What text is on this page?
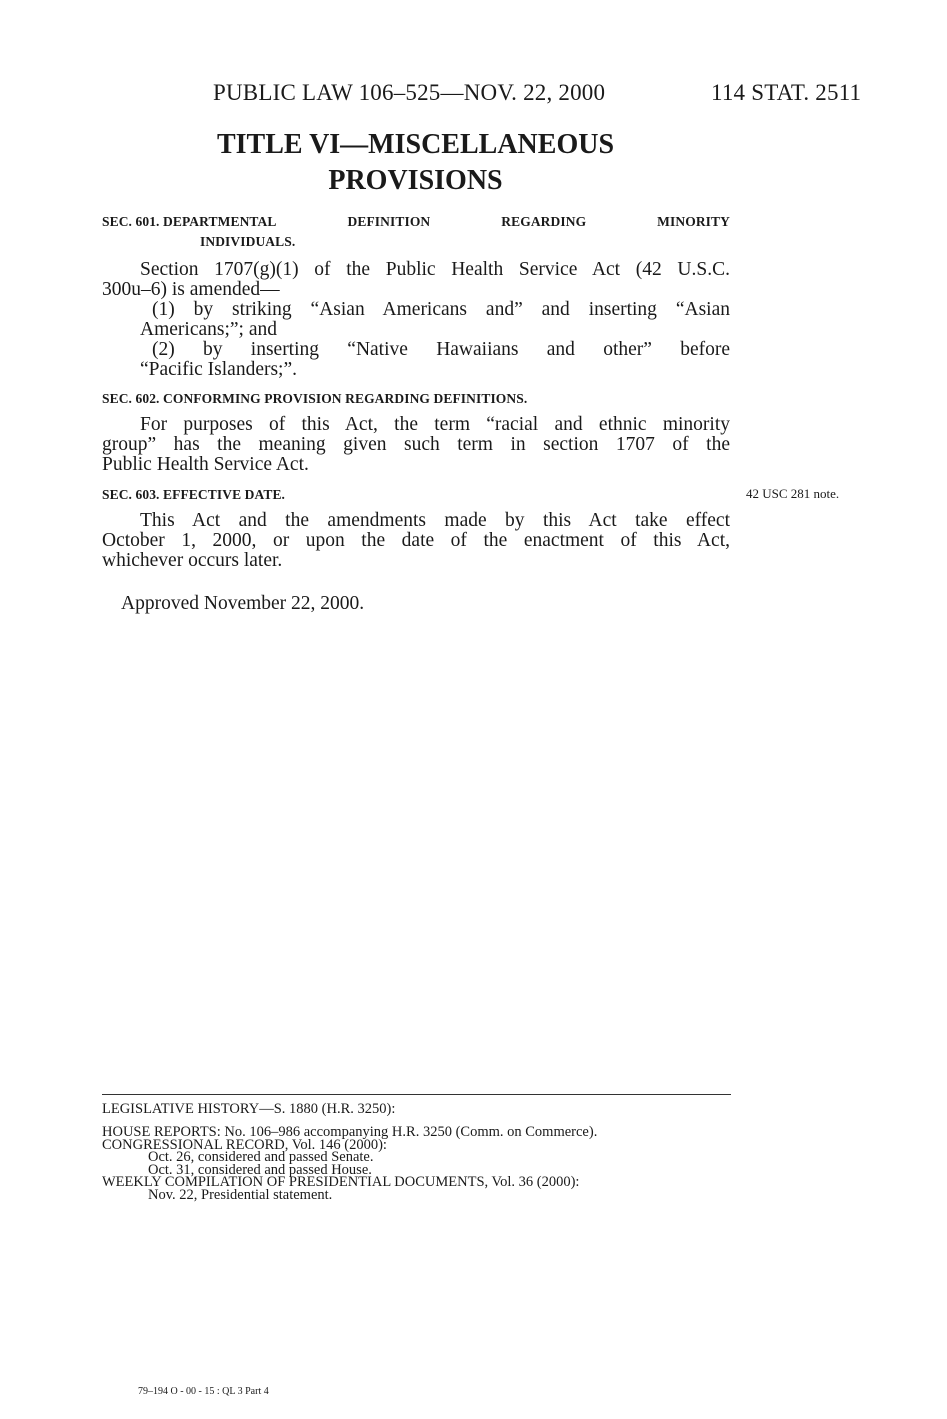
PUBLIC LAW 106–525—NOV. 22, 2000	114 STAT. 2511
TITLE VI—MISCELLANEOUS
PROVISIONS
SEC. 601. DEPARTMENTAL	DEFINITION	REGARDING	MINORITY
INDIVIDUALS.
Section 1707(g)(1) of the Public Health Service Act (42 U.S.C.
300u–6) is amended—
(1) by striking “Asian Americans and” and inserting “Asian
Americans;”; and
(2) by inserting “Native Hawaiians and other” before
“Pacific Islanders;”.
SEC. 602. CONFORMING PROVISION REGARDING DEFINITIONS.
For purposes of this Act, the term “racial and ethnic minority
group” has the meaning given such term in section 1707 of the
Public Health Service Act.
SEC. 603. EFFECTIVE DATE.	42 USC 281 note.
This Act and the amendments made by this Act take effect
October 1, 2000, or upon the date of the enactment of this Act,
whichever occurs later.
Approved November 22, 2000.
LEGISLATIVE HISTORY—S. 1880 (H.R. 3250):
HOUSE REPORTS: No. 106–986 accompanying H.R. 3250 (Comm. on Commerce).
CONGRESSIONAL RECORD, Vol. 146 (2000):
Oct. 26, considered and passed Senate.
Oct. 31, considered and passed House.
WEEKLY COMPILATION OF PRESIDENTIAL DOCUMENTS, Vol. 36 (2000):
Nov. 22, Presidential statement.
79–194 O - 00 - 15 : QL 3 Part 4
